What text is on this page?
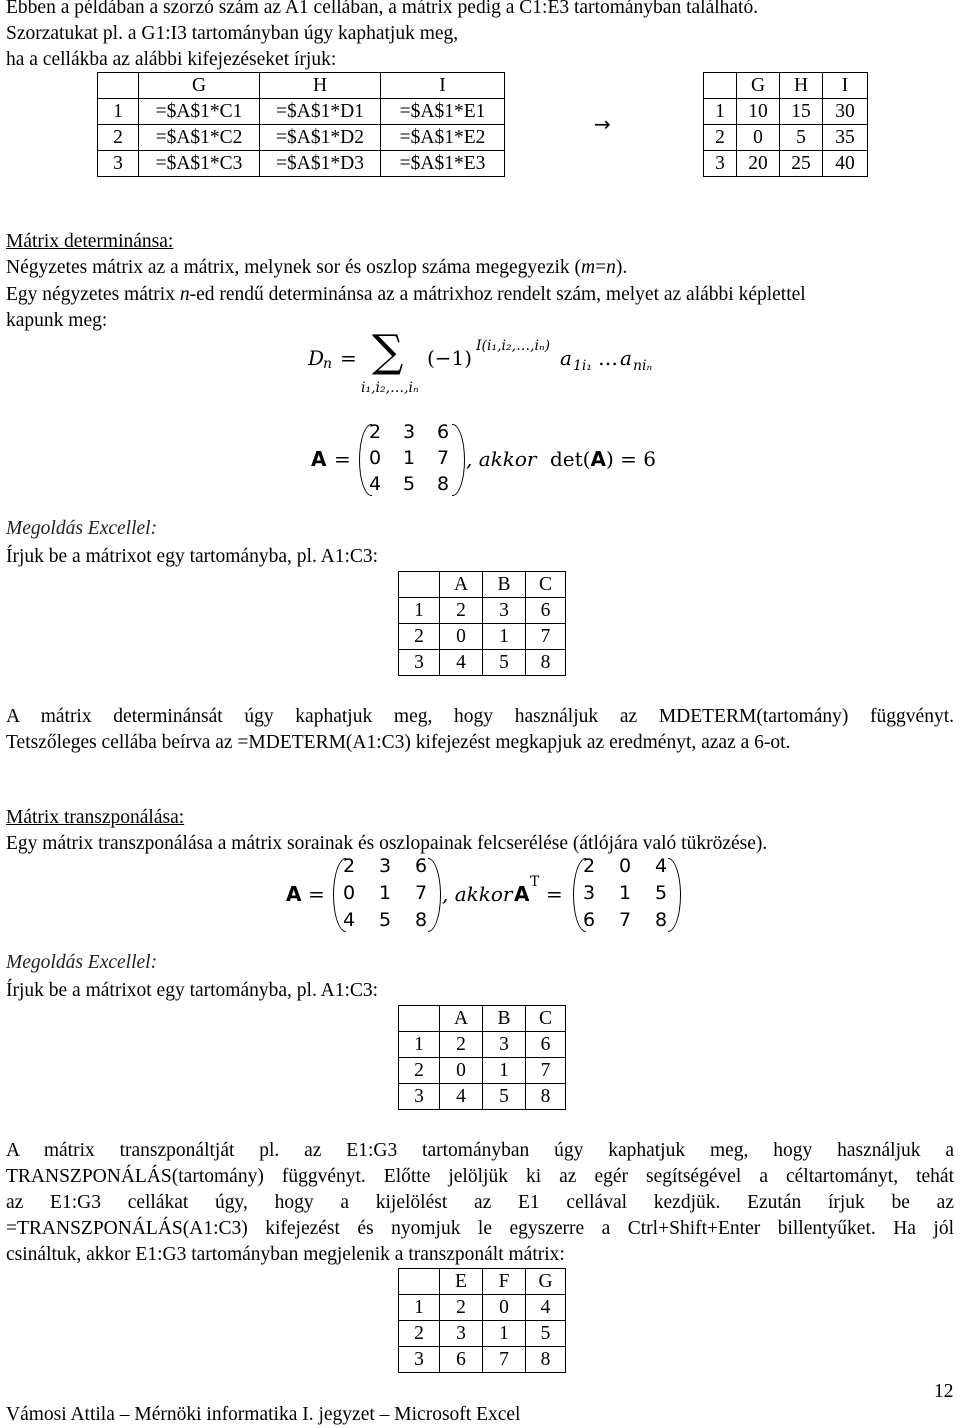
Ebben a példában a szorzó szám az A1 cellában, a mátrix pedig a C1:E3 tartományban található.
Szorzatukat pl. a G1:I3 tartományban úgy kaphatjuk meg,
ha a cellákba az alábbi kifejezéseket írjuk:
	G	H	I
1	=$A$1*C1	=$A$1*D1	=$A$1*E1
2	=$A$1*C2	=$A$1*D2	=$A$1*E2
3	=$A$1*C3	=$A$1*D3	=$A$1*E3
→
	G	H	I
1	10	15	30
2	0	5	35
3	20	25	40
Mátrix determinánsa:
Négyzetes mátrix az a mátrix, melynek sor és oszlop száma megegyezik (m=n).
Egy négyzetes mátrix n-ed rendű determinánsa az a mátrixhoz rendelt szám, melyet az alábbi képlettel
kapunk meg:
D
n = ∑
i₁,i₂,…,iₙ
(−1) I(i₁,i₂,…,iₙ) a 1i₁ … a niₙ
A =
2	3	6
0	1	7
4	5	8
, akkor det(A) = 6
Megoldás Excellel:
Írjuk be a mátrixot egy tartományba, pl. A1:C3:
	A	B	C
1	2	3	6
2	0	1	7
3	4	5	8
A mátrix determinánsát úgy kaphatjuk meg, hogy használjuk az MDETERM(tartomány) függvényt.
Tetszőleges cellába beírva az =MDETERM(A1:C3) kifejezést megkapjuk az eredményt, azaz a 6-ot.
Mátrix transzponálása:
Egy mátrix transzponálása a mátrix sorainak és oszlopainak felcserélése (átlójára való tükrözése).
A =
2	3	6
0	1	7
4	5	8
, akkor A T =
2	0	4
3	1	5
6	7	8
Megoldás Excellel:
Írjuk be a mátrixot egy tartományba, pl. A1:C3:
	A	B	C
1	2	3	6
2	0	1	7
3	4	5	8
A mátrix transzponáltját pl. az E1:G3 tartományban úgy kaphatjuk meg, hogy használjuk a
TRANSZPONÁLÁS(tartomány) függvényt. Előtte jelöljük ki az egér segítségével a céltartományt, tehát
az E1:G3 cellákat úgy, hogy a kijelölést az E1 cellával kezdjük. Ezután írjuk be az
=TRANSZPONÁLÁS(A1:C3) kifejezést és nyomjuk le egyszerre a Ctrl+Shift+Enter billentyűket. Ha jól
csináltuk, akkor E1:G3 tartományban megjelenik a transzponált mátrix:
	E	F	G
1	2	0	4
2	3	1	5
3	6	7	8
12
Vámosi Attila – Mérnöki informatika I. jegyzet – Microsoft Excel
